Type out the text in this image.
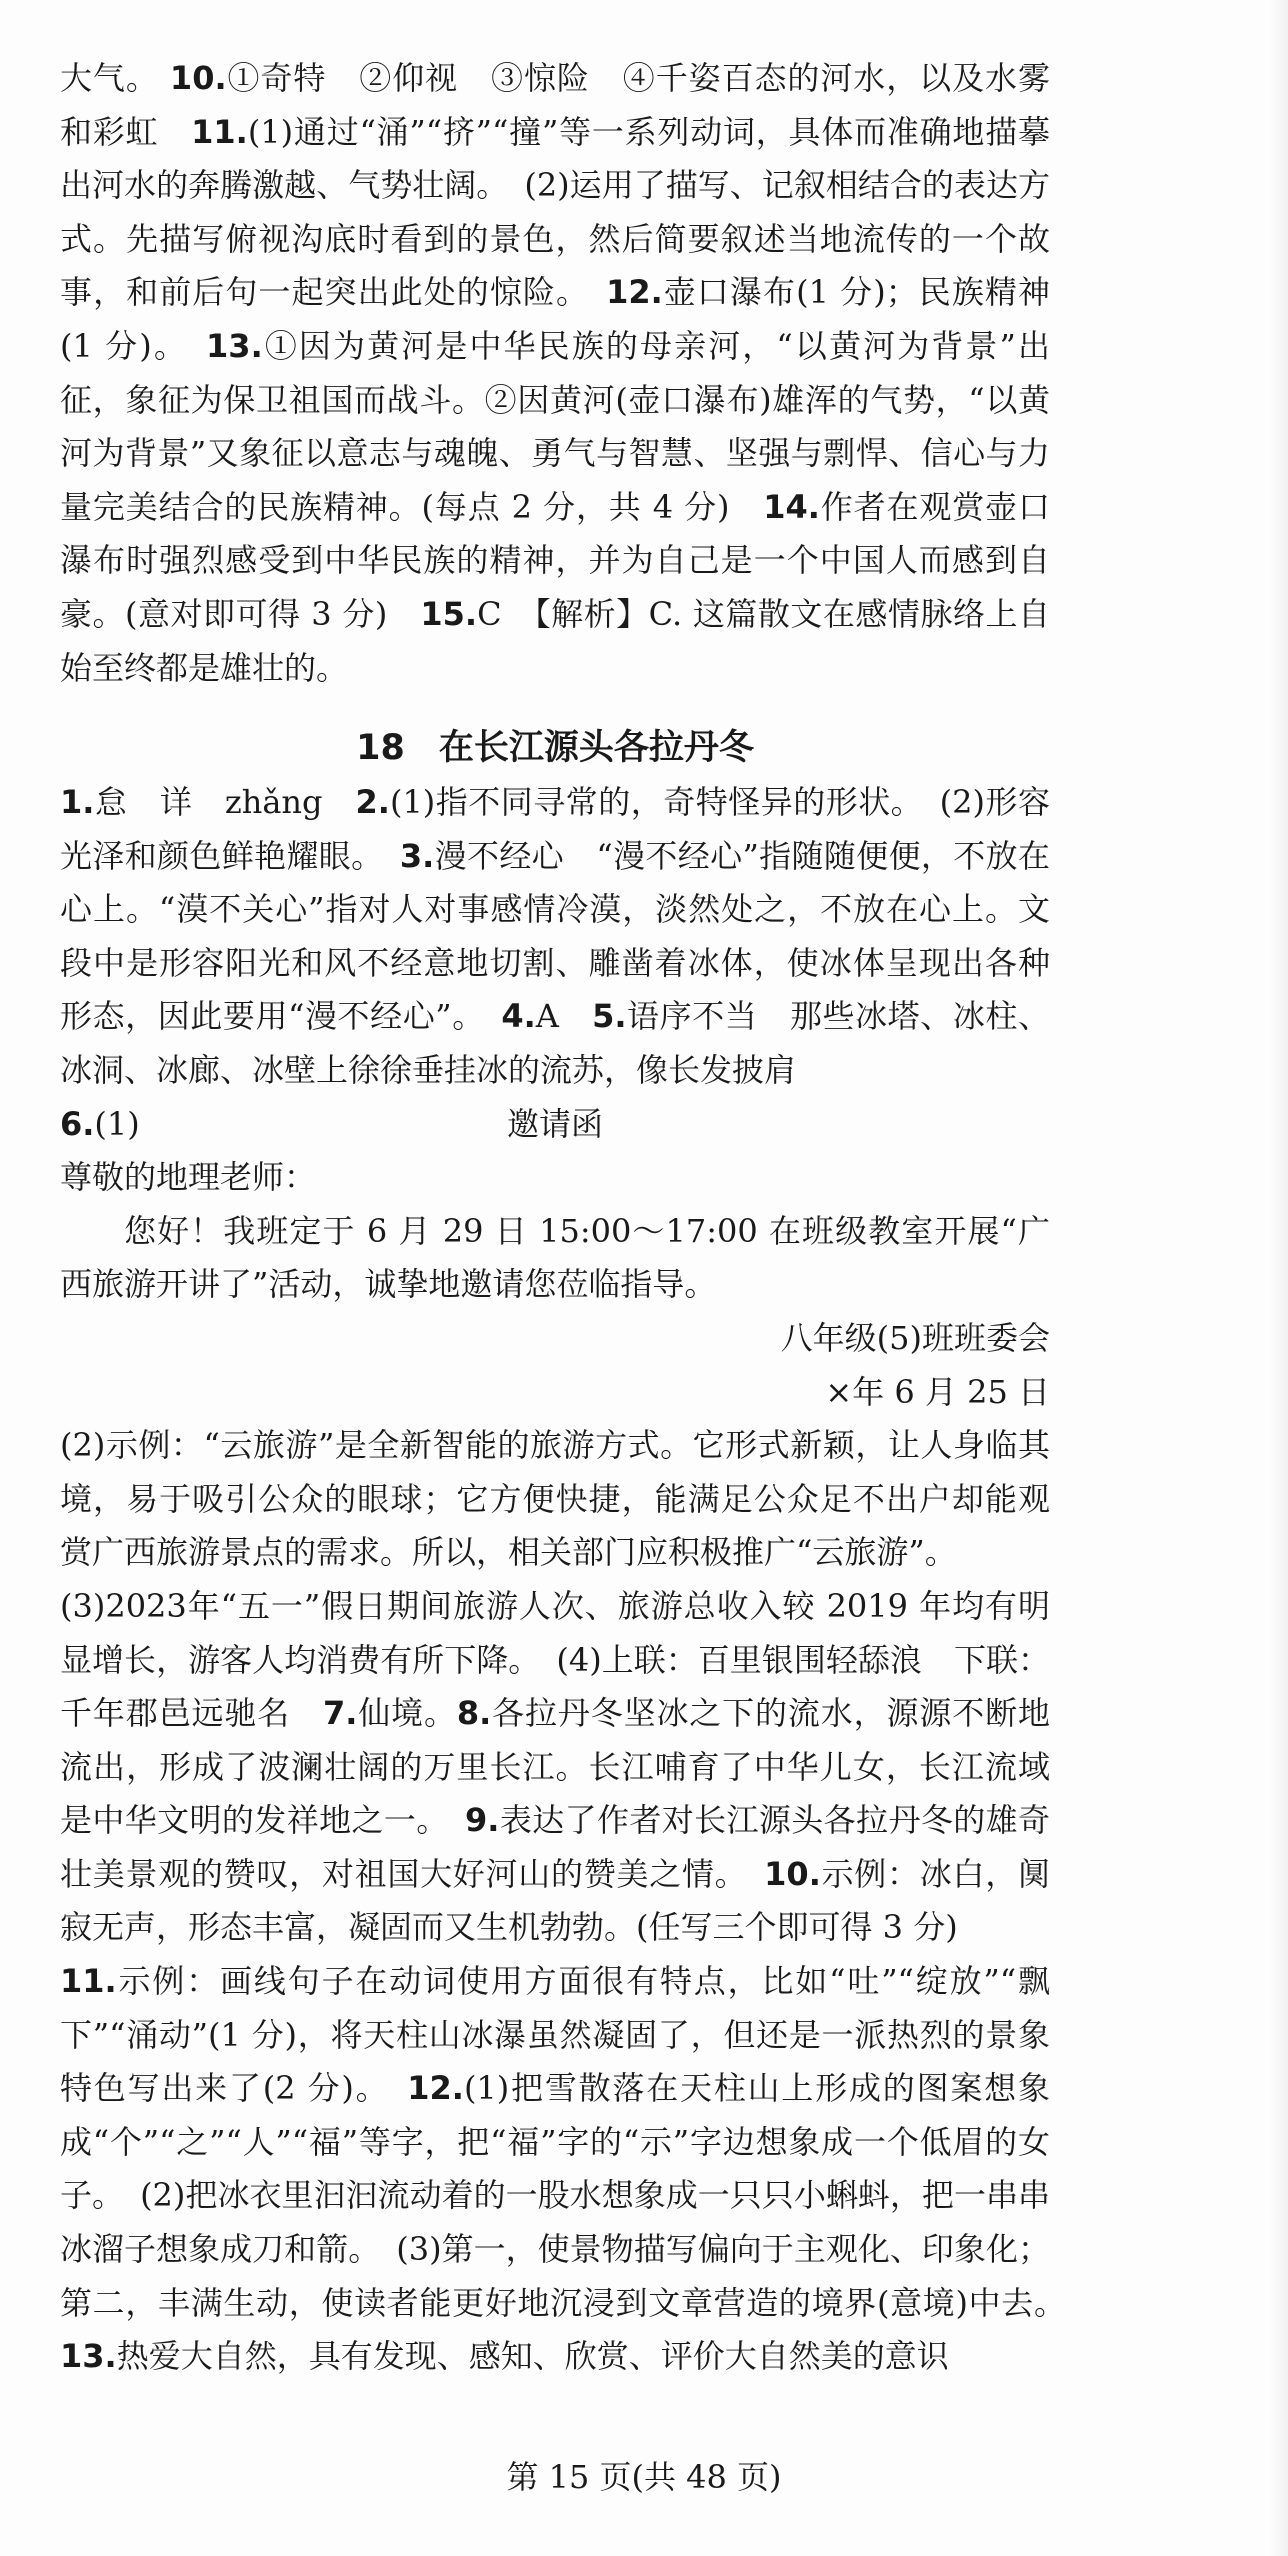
大气。 10.①奇特　②仰视　③惊险　④千姿百态的河水，以及水雾和彩虹　11.(1)通过“涌”“挤”“撞”等一系列动词，具体而准确地描摹出河水的奔腾激越、气势壮阔。　(2)运用了描写、记叙相结合的表达方式。先描写俯视沟底时看到的景色，然后简要叙述当地流传的一个故事，和前后句一起突出此处的惊险。　12.壶口瀑布(1 分)；民族精神(1 分)。　13.①因为黄河是中华民族的母亲河，“以黄河为背景”出征，象征为保卫祖国而战斗。②因黄河(壶口瀑布)雄浑的气势，“以黄河为背景”又象征以意志与魂魄、勇气与智慧、坚强与剽悍、信心与力量完美结合的民族精神。(每点 2 分，共 4 分)　14.作者在观赏壶口瀑布时强烈感受到中华民族的精神，并为自己是一个中国人而感到自豪。(意对即可得 3 分)　15.C　【解析】C. 这篇散文在感情脉络上自始至终都是雄壮的。

18 在长江源头各拉丹冬

1.怠　详　zhǎng　2.(1)指不同寻常的，奇特怪异的形状。　(2)形容光泽和颜色鲜艳耀眼。　3.漫不经心　“漫不经心”指随随便便，不放在心上。“漠不关心”指对人对事感情冷漠，淡然处之，不放在心上。文段中是形容阳光和风不经意地切割、雕凿着冰体，使冰体呈现出各种形态，因此要用“漫不经心”。　4.A　5.语序不当　那些冰塔、冰柱、冰洞、冰廊、冰壁上徐徐垂挂冰的流苏，像长发披肩

6.(1)	邀请函

尊敬的地理老师：

您好！我班定于 6 月 29 日 15:00～17:00 在班级教室开展“广西旅游开讲了”活动，诚挚地邀请您莅临指导。

八年级(5)班班委会

×年 6 月 25 日

(2)示例：“云旅游”是全新智能的旅游方式。它形式新颖，让人身临其境，易于吸引公众的眼球；它方便快捷，能满足公众足不出户却能观赏广西旅游景点的需求。所以，相关部门应积极推广“云旅游”。

(3)2023年“五一”假日期间旅游人次、旅游总收入较 2019 年均有明显增长，游客人均消费有所下降。　(4)上联：百里银围轻舔浪　下联：千年郡邑远驰名　7.仙境。8.各拉丹冬坚冰之下的流水，源源不断地流出，形成了波澜壮阔的万里长江。长江哺育了中华儿女，长江流域是中华文明的发祥地之一。　9.表达了作者对长江源头各拉丹冬的雄奇壮美景观的赞叹，对祖国大好河山的赞美之情。　10.示例：冰白，阒寂无声，形态丰富，凝固而又生机勃勃。(任写三个即可得 3 分)

11.示例：画线句子在动词使用方面很有特点，比如“吐”“绽放”“飘下”“涌动”(1 分)，将天柱山冰瀑虽然凝固了，但还是一派热烈的景象特色写出来了(2 分)。　12.(1)把雪散落在天柱山上形成的图案想象成“个”“之”“人”“福”等字，把“福”字的“示”字边想象成一个低眉的女子。　(2)把冰衣里汩汩流动着的一股水想象成一只只小蝌蚪，把一串串冰溜子想象成刀和箭。　(3)第一，使景物描写偏向于主观化、印象化；第二，丰满生动，使读者能更好地沉浸到文章营造的境界(意境)中去。　13.热爱大自然，具有发现、感知、欣赏、评价大自然美的意识

第 15 页(共 48 页)
